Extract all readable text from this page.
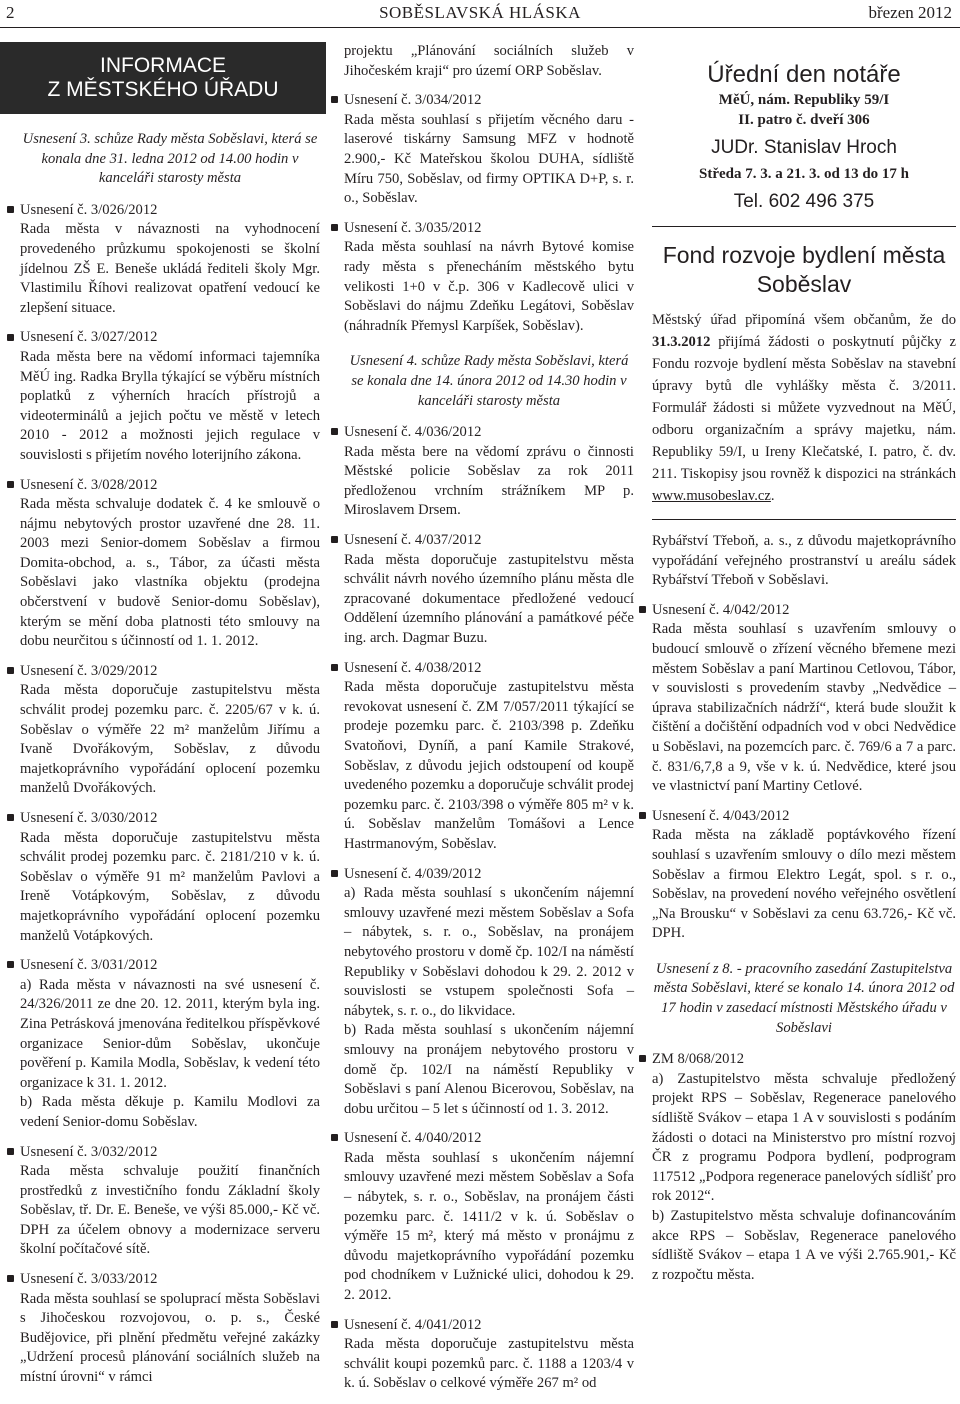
2	SOBĚSLAVSKÁ HLÁSKA	březen 2012
INFORMACE
Z MĚSTSKÉHO ÚŘADU
Usnesení 3. schůze Rady města Soběslavi, která se konala dne 31. ledna 2012 od 14.00 hodin v kanceláři starosty města
Usnesení č. 3/026/2012

Rada města v návaznosti na vyhodnocení provedeného průzkumu spokojenosti se školní jídelnou ZŠ E. Beneše ukládá řediteli školy Mgr. Vlastimilu Říhovi realizovat opatření vedoucí ke zlepšení situace.

Usnesení č. 3/027/2012

Rada města bere na vědomí informaci tajemníka MěÚ ing. Radka Brylla týkající se výběru místních poplatků z výherních hracích přístrojů a videoterminálů a jejich počtu ve městě v letech 2010 - 2012 a možnosti jejich regulace v souvislosti s přijetím nového loterijního zákona.

Usnesení č. 3/028/2012

Rada města schvaluje dodatek č. 4 ke smlouvě o nájmu nebytových prostor uzavřené dne 28. 11. 2003 mezi Senior-domem Soběslav a firmou Domita-obchod, a. s., Tábor, za účasti města Soběslavi jako vlastníka objektu (prodejna občerstvení v budově Senior-domu Soběslav), kterým se mění doba platnosti této smlouvy na dobu neurčitou s účinností od 1. 1. 2012.

Usnesení č. 3/029/2012

Rada města doporučuje zastupitelstvu města schválit prodej pozemku parc. č. 2205/67 v k. ú. Soběslav o výměře 22 m² manželům Jiřímu a Ivaně Dvořákovým, Soběslav, z důvodu majetkoprávního vypořádání oplocení pozemku manželů Dvořákových.

Usnesení č. 3/030/2012

Rada města doporučuje zastupitelstvu města schválit prodej pozemku parc. č. 2181/210 v k. ú. Soběslav o výměře 91 m² manželům Pavlovi a Ireně Votápkovým, Soběslav, z důvodu majetkoprávního vypořádání oplocení pozemku manželů Votápkových.

Usnesení č. 3/031/2012

a) Rada města v návaznosti na své usnesení č. 24/326/2011 ze dne 20. 12. 2011, kterým byla ing. Zina Petrásková jmenována ředitelkou příspěvkové organizace Senior-dům Soběslav, ukončuje pověření p. Kamila Modla, Soběslav, k vedení této organizace k 31. 1. 2012.

b) Rada města děkuje p. Kamilu Modlovi za vedení Senior-domu Soběslav.

Usnesení č. 3/032/2012

Rada města schvaluje použití finančních prostředků z investičního fondu Základní školy Soběslav, tř. Dr. E. Beneše, ve výši 85.000,- Kč vč. DPH za účelem obnovy a modernizace serveru školní počítačové sítě.

Usnesení č. 3/033/2012

Rada města souhlasí se spoluprací města Soběslavi s Jihočeskou rozvojovou, o. p. s., České Budějovice, při plnění předmětu veřejné zakázky „Udržení procesů plánování sociálních služeb na místní úrovni“ v rámci

projektu „Plánování sociálních služeb v Jihočeském kraji“ pro území ORP Soběslav.

Usnesení č. 3/034/2012

Rada města souhlasí s přijetím věcného daru - laserové tiskárny Samsung MFZ v hodnotě 2.900,- Kč Mateřskou školou DUHA, sídliště Míru 750, Soběslav, od firmy OPTIKA D+P, s. r. o., Soběslav.

Usnesení č. 3/035/2012

Rada města souhlasí na návrh Bytové komise rady města s přenecháním městského bytu velikosti 1+0 v č.p. 306 v Kadlecově ulici v Soběslavi do nájmu Zdeňku Legátovi, Soběslav (náhradník Přemysl Karpíšek, Soběslav).

Usnesení 4. schůze Rady města Soběslavi, která se konala dne 14. února 2012 od 14.30 hodin v kanceláři starosty města
Usnesení č. 4/036/2012

Rada města bere na vědomí zprávu o činnosti Městské policie Soběslav za rok 2011 předloženou vrchním strážníkem MP p. Miroslavem Drsem.

Usnesení č. 4/037/2012

Rada města doporučuje zastupitelstvu města schválit návrh nového územního plánu města dle zpracované dokumentace předložené vedoucí Oddělení územního plánování a památkové péče ing. arch. Dagmar Buzu.

Usnesení č. 4/038/2012

Rada města doporučuje zastupitelstvu města revokovat usnesení č. ZM 7/057/2011 týkající se prodeje pozemku parc. č. 2103/398 p. Zdeňku Svatoňovi, Dyníň, a paní Kamile Strakové, Soběslav, z důvodu jejich odstoupení od koupě uvedeného pozemku a doporučuje schválit prodej pozemku parc. č. 2103/398 o výměře 805 m² v k. ú. Soběslav manželům Tomášovi a Lence Hastrmanovým, Soběslav.

Usnesení č. 4/039/2012

a) Rada města souhlasí s ukončením nájemní smlouvy uzavřené mezi městem Soběslav a Sofa – nábytek, s. r. o., Soběslav, na pronájem nebytového prostoru v domě čp. 102/I na náměstí Republiky v Soběslavi dohodou k 29. 2. 2012 v souvislosti se vstupem společnosti Sofa – nábytek, s. r. o., do likvidace.

b) Rada města souhlasí s ukončením nájemní smlouvy na pronájem nebytového prostoru v domě čp. 102/I na náměstí Republiky v Soběslavi s paní Alenou Bicerovou, Soběslav, na dobu určitou – 5 let s účinností od 1. 3. 2012.

Usnesení č. 4/040/2012

Rada města souhlasí s ukončením nájemní smlouvy uzavřené mezi městem Soběslav a Sofa – nábytek, s. r. o., Soběslav, na pronájem části pozemku parc. č. 1411/2 v k. ú. Soběslav o výměře 15 m², který má město v pronájmu z důvodu majetkoprávního vypořádání pozemku pod chodníkem v Lužnické ulici, dohodou k 29. 2. 2012.

Usnesení č. 4/041/2012

Rada města doporučuje zastupitelstvu města schválit koupi pozemků parc. č. 1188 a 1203/4 v k. ú. Soběslav o celkové výměře 267 m² od

Úřední den notáře
MěÚ, nám. Republiky 59/I
II. patro č. dveří 306
JUDr. Stanislav Hroch
Středa 7. 3. a 21. 3. od 13 do 17 h
Tel. 602 496 375
Fond rozvoje bydlení města Soběslav
Městský úřad připomíná všem občanům, že do 31.3.2012 přijímá žádosti o poskytnutí půjčky z Fondu rozvoje bydlení města Soběslav na stavební úpravy bytů dle vyhlášky města č. 3/2011. Formulář žádosti si můžete vyzvednout na MěÚ, odboru organizačním a správy majetku, nám. Republiky 59/I, u Ireny Klečatské, I. patro, č. dv. 211. Tiskopisy jsou rovněž k dispozici na stránkách www.musobeslav.cz.

Rybářství Třeboň, a. s., z důvodu majetkoprávního vypořádání veřejného prostranství u areálu sádek Rybářství Třeboň v Soběslavi.

Usnesení č. 4/042/2012

Rada města souhlasí s uzavřením smlouvy o budoucí smlouvě o zřízení věcného břemene mezi městem Soběslav a paní Martinou Cetlovou, Tábor, v souvislosti s provedením stavby „Nedvědice – úprava stabilizačních nádrží“, která bude sloužit k čištění a dočištění odpadních vod v obci Nedvědice u Soběslavi, na pozemcích parc. č. 769/6 a 7 a parc. č. 831/6,7,8 a 9, vše v k. ú. Nedvědice, které jsou ve vlastnictví paní Martiny Cetlové.

Usnesení č. 4/043/2012

Rada města na základě poptávkového řízení souhlasí s uzavřením smlouvy o dílo mezi městem Soběslav a firmou Elektro Legát, spol. s r. o., Soběslav, na provedení nového veřejného osvětlení „Na Brousku“ v Soběslavi za cenu 63.726,- Kč vč. DPH.

Usnesení z 8. - pracovního zasedání Zastupitelstva města Soběslavi, které se konalo 14. února 2012 od 17 hodin v zasedací místnosti Městského úřadu v Soběslavi
ZM 8/068/2012

a) Zastupitelstvo města schvaluje předložený projekt RPS – Soběslav, Regenerace panelového sídliště Svákov – etapa 1 A v souvislosti s podáním žádosti o dotaci na Ministerstvo pro místní rozvoj ČR z programu Podpora bydlení, podprogram 117512 „Podpora regenerace panelových sídlišť pro rok 2012“.

b) Zastupitelstvo města schvaluje dofinancováním akce RPS – Soběslav, Regenerace panelového sídliště Svákov – etapa 1 A ve výši 2.765.901,- Kč z rozpočtu města.
